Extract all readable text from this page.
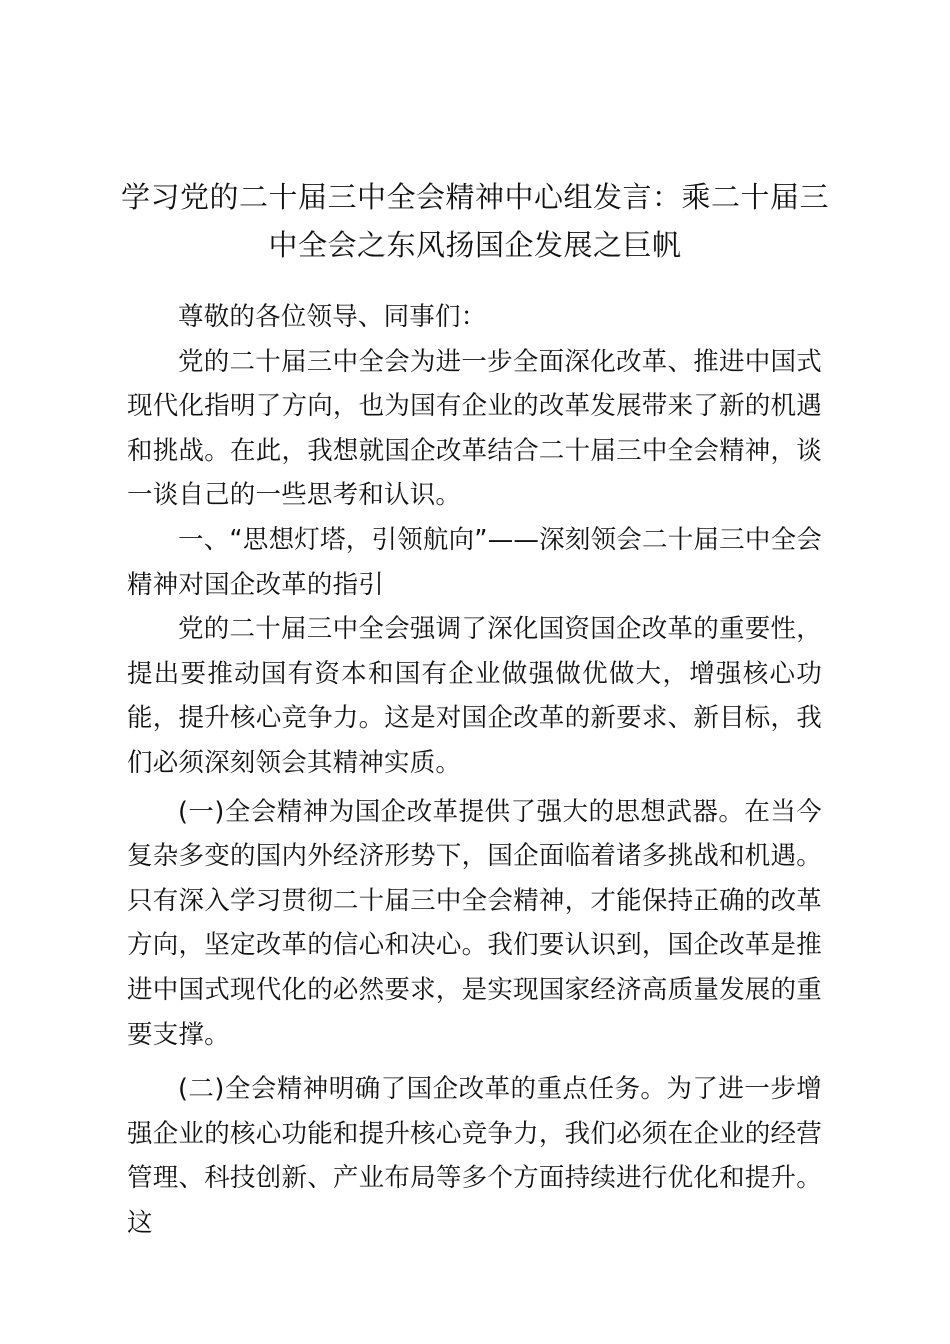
学习党的二十届三中全会精神中心组发言：乘二十届三
中全会之东风扬国企发展之巨帆

尊敬的各位领导、同事们：

党的二十届三中全会为进一步全面深化改革、推进中国式现代化指明了方向，也为国有企业的改革发展带来了新的机遇和挑战。在此，我想就国企改革结合二十届三中全会精神，谈一谈自己的一些思考和认识。

一、“思想灯塔，引领航向”——深刻领会二十届三中全会精神对国企改革的指引

党的二十届三中全会强调了深化国资国企改革的重要性，提出要推动国有资本和国有企业做强做优做大，增强核心功能，提升核心竞争力。这是对国企改革的新要求、新目标，我们必须深刻领会其精神实质。

(一)全会精神为国企改革提供了强大的思想武器。在当今复杂多变的国内外经济形势下，国企面临着诸多挑战和机遇。只有深入学习贯彻二十届三中全会精神，才能保持正确的改革方向，坚定改革的信心和决心。我们要认识到，国企改革是推进中国式现代化的必然要求，是实现国家经济高质量发展的重要支撑。

(二)全会精神明确了国企改革的重点任务。为了进一步增强企业的核心功能和提升核心竞争力，我们必须在企业的经营管理、科技创新、产业布局等多个方面持续进行优化和提升。这
